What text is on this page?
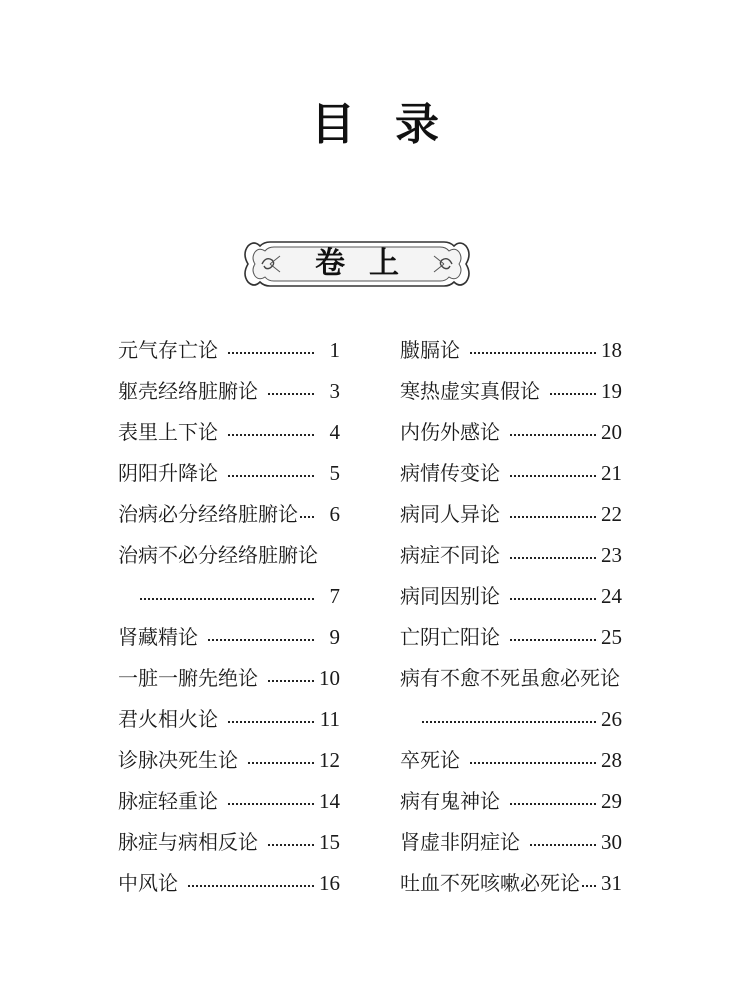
目录
卷上
元气存亡论	1
躯壳经络脏腑论	3
表里上下论	4
阴阳升降论	5
治病必分经络脏腑论	6
治病不必分经络脏腑论
7
肾藏精论	9
一脏一腑先绝论	10
君火相火论	11
诊脉决死生论	12
脉症轻重论	14
脉症与病相反论	15
中风论	16
臌膈论	18
寒热虚实真假论	19
内伤外感论	20
病情传变论	21
病同人异论	22
病症不同论	23
病同因别论	24
亡阴亡阳论	25
病有不愈不死虽愈必死论
26
卒死论	28
病有鬼神论	29
肾虚非阴症论	30
吐血不死咳嗽必死论 31
